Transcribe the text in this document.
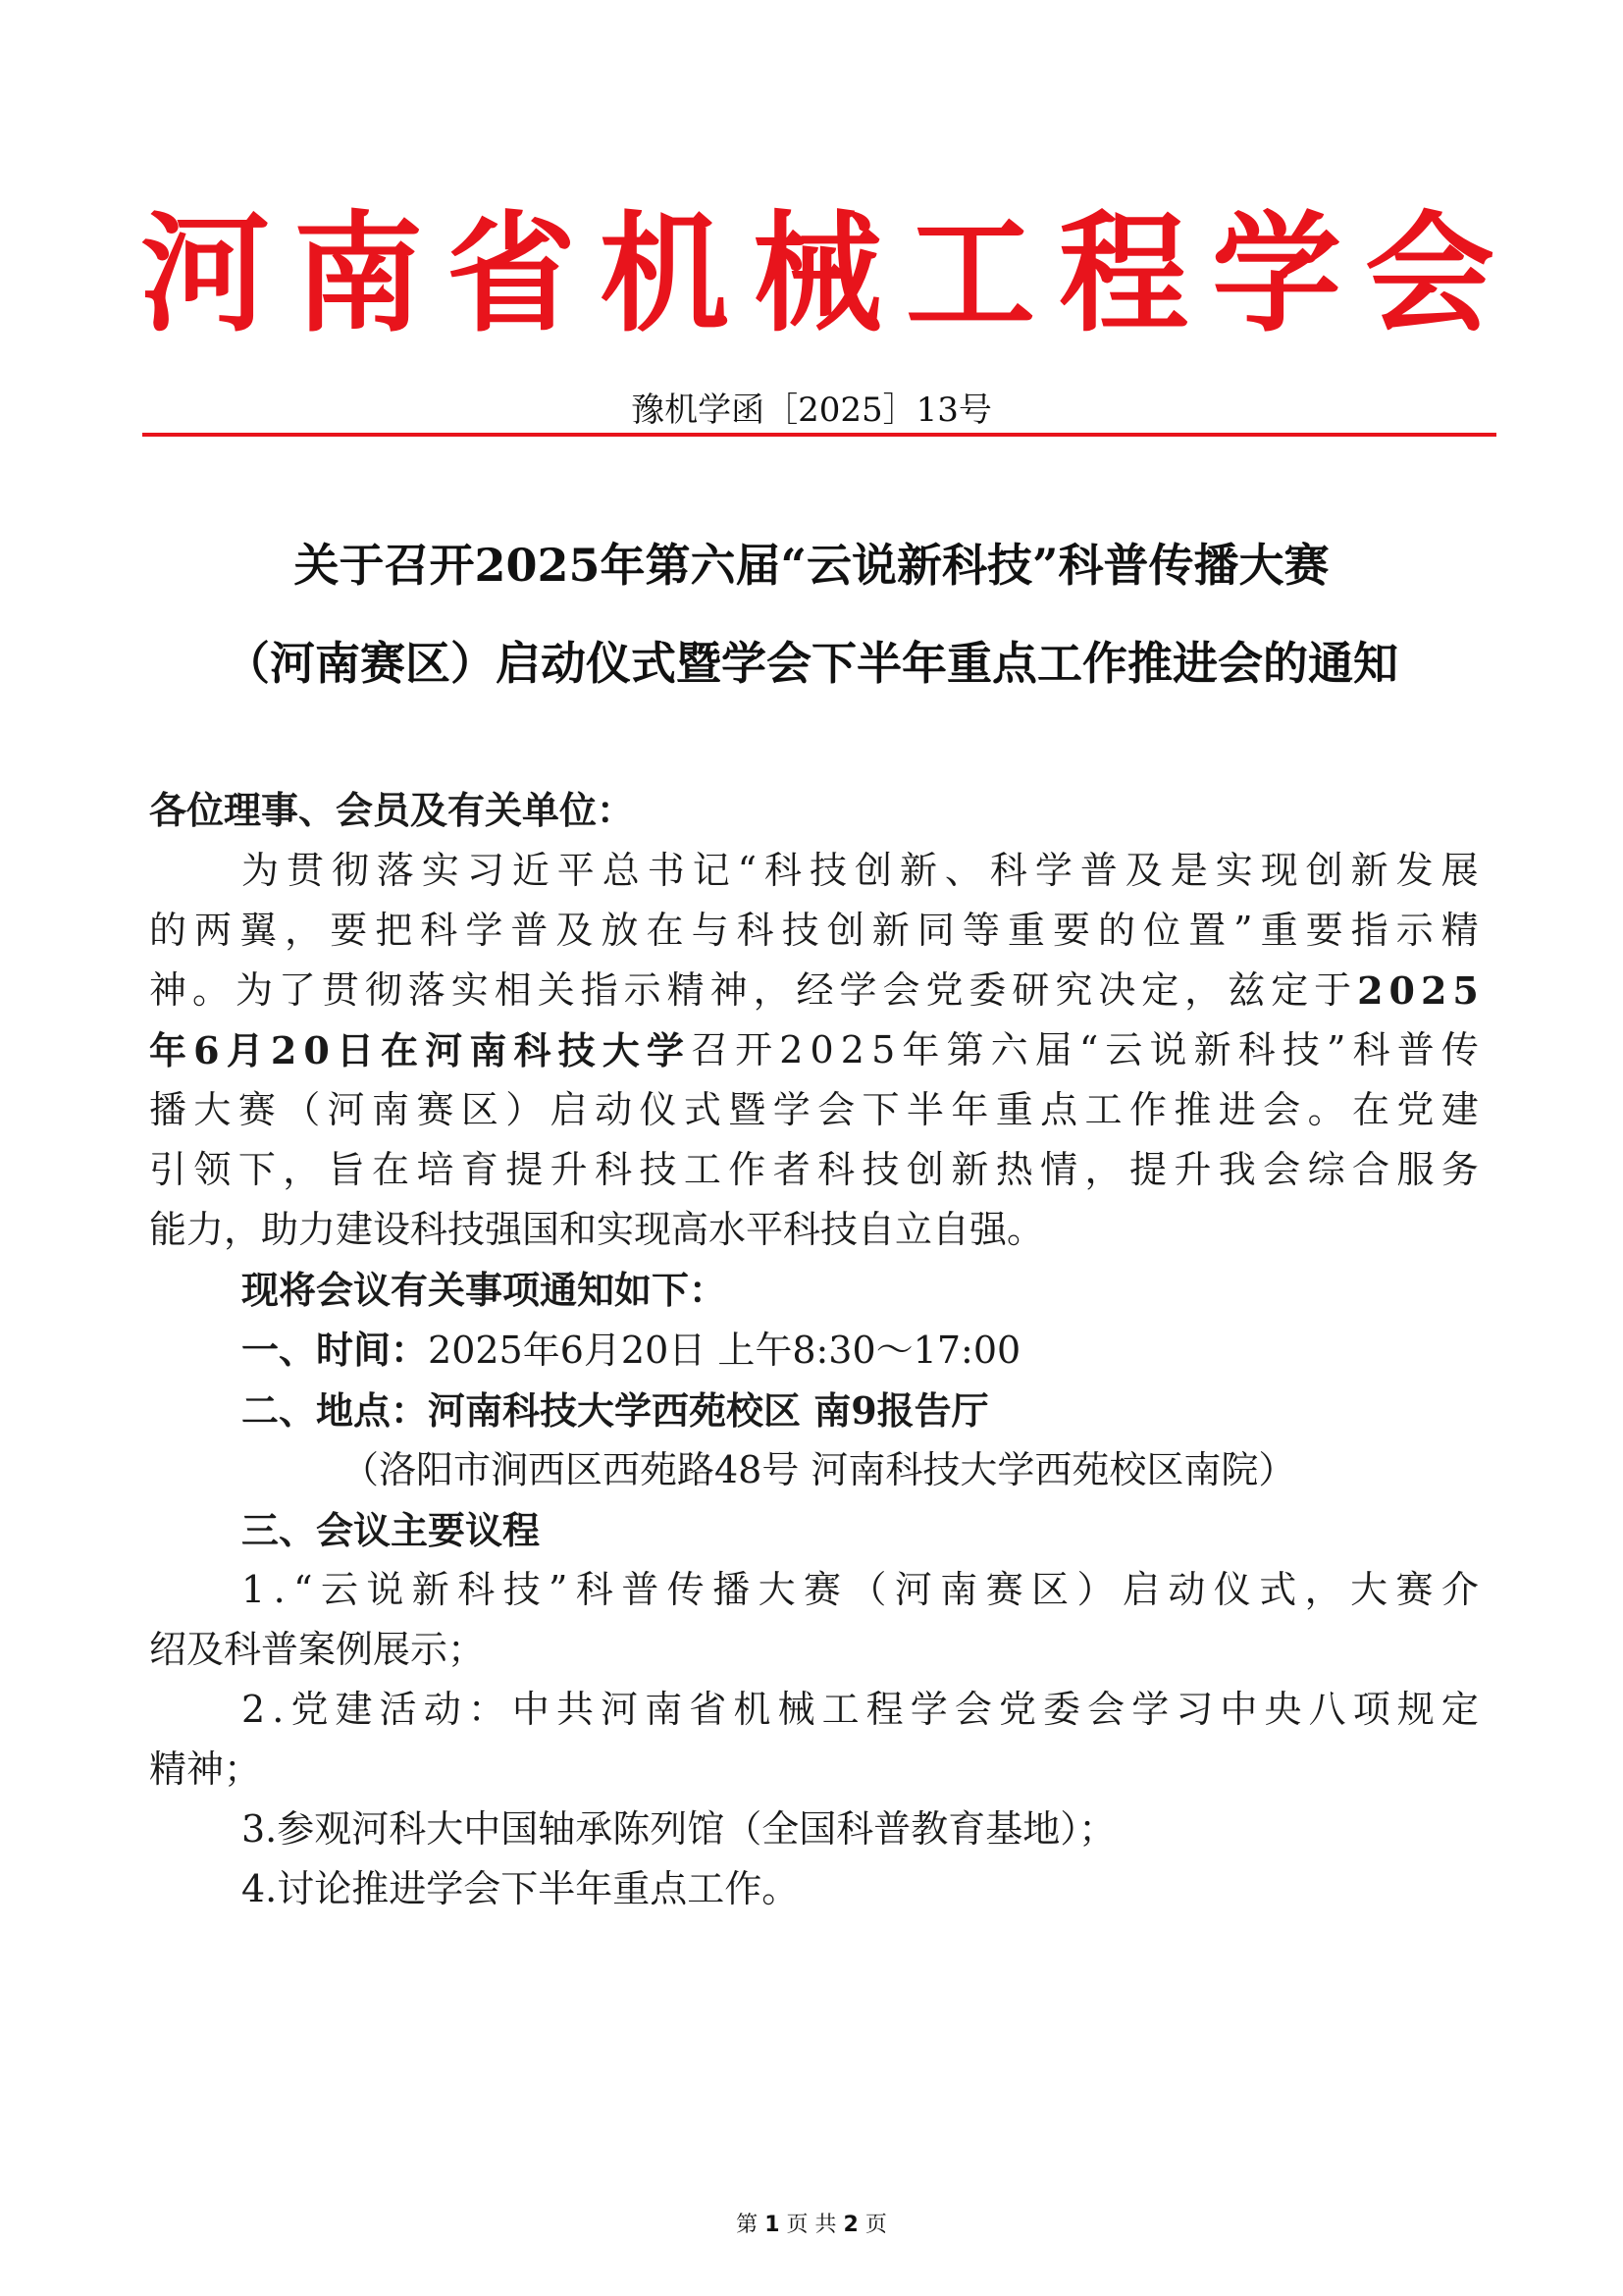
河 南 省 机 械 工 程 学 会
豫机学函［2025］13号
关于召开2025年第六届“云说新科技”科普传播大赛
（河南赛区）启动仪式暨学会下半年重点工作推进会的通知
各位理事、会员及有关单位：
为 贯 彻 落 实 习 近 平 总 书 记 “ 科 技 创 新 、 科 学 普 及 是 实 现 创 新 发 展
的 两 翼 ， 要 把 科 学 普 及 放 在 与 科 技 创 新 同 等 重 要 的 位 置 ” 重 要 指 示 精
神 。 为 了 贯 彻 落 实 相 关 指 示 精 神 ， 经 学 会 党 委 研 究 决 定 ， 兹 定 于 2 0 2 5
年 6 月 2 0 日 在 河 南 科 技 大 学 召 开 2 0 2 5 年 第 六 届 “ 云 说 新 科 技 ” 科 普 传
播 大 赛 （ 河 南 赛 区 ） 启 动 仪 式 暨 学 会 下 半 年 重 点 工 作 推 进 会 。 在 党 建
引 领 下 ， 旨 在 培 育 提 升 科 技 工 作 者 科 技 创 新 热 情 ， 提 升 我 会 综 合 服 务
能力，助力建设科技强国和实现高水平科技自立自强。
现将会议有关事项通知如下：
一、时间：2025年6月20日 上午8:30～17:00
二、地点：河南科技大学西苑校区 南9报告厅
（洛阳市涧西区西苑路48号 河南科技大学西苑校区南院）
三、会议主要议程
1 . “ 云 说 新 科 技 ” 科 普 传 播 大 赛 （ 河 南 赛 区 ） 启 动 仪 式 ， 大 赛 介
绍及科普案例展示；
2 . 党 建 活 动 ： 中 共 河 南 省 机 械 工 程 学 会 党 委 会 学 习 中 央 八 项 规 定
精神；
3.参观河科大中国轴承陈列馆（全国科普教育基地）；
4.讨论推进学会下半年重点工作。
第 1 页 共 2 页
